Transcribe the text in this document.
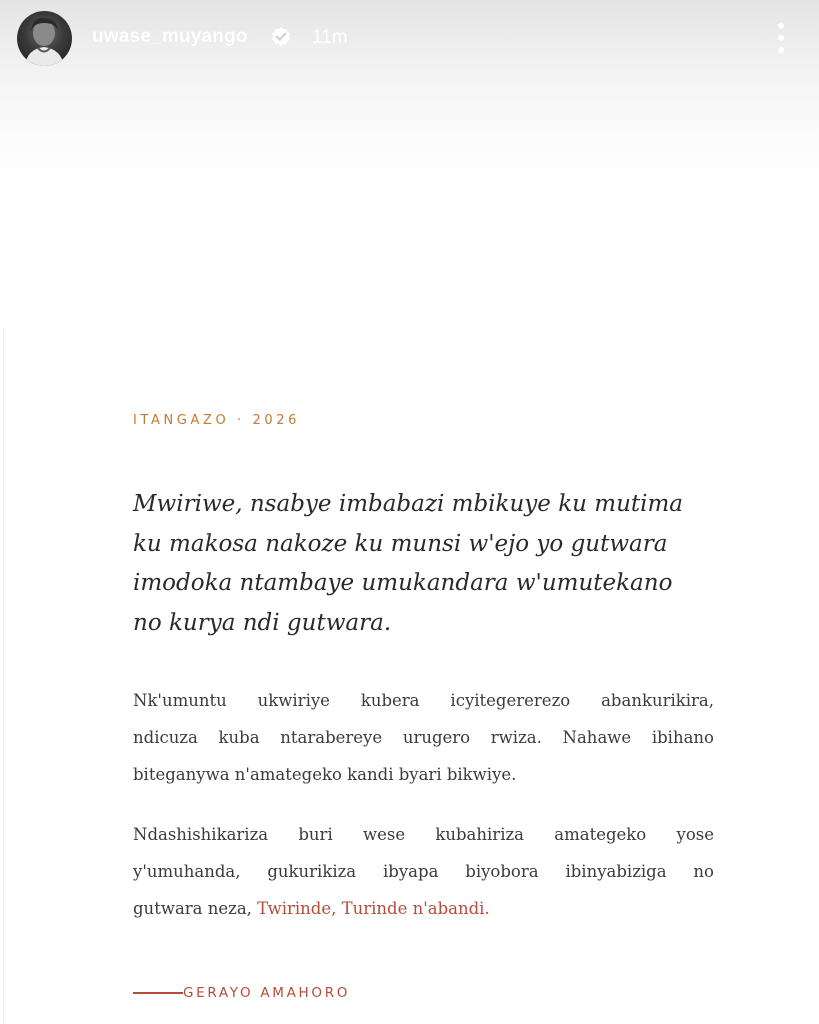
uwase_muyango	11m
ITANGAZO · 2026
Mwiriwe, nsabye imbabazi mbikuye ku mutima
ku makosa nakoze ku munsi w'ejo yo gutwara
imodoka ntambaye umukandara w'umutekano
no kurya ndi gutwara.
Nk'umuntu ukwiriye kubera icyitegererezo abankurikira,
ndicuza kuba ntarabereye urugero rwiza. Nahawe ibihano
biteganywa n'amategeko kandi byari bikwiye.
Ndashishikariza buri wese kubahiriza amategeko yose
y'umuhanda, gukurikiza ibyapa biyobora ibinyabiziga no
gutwara neza, Twirinde, Turinde n'abandi.
GERAYO AMAHORO
